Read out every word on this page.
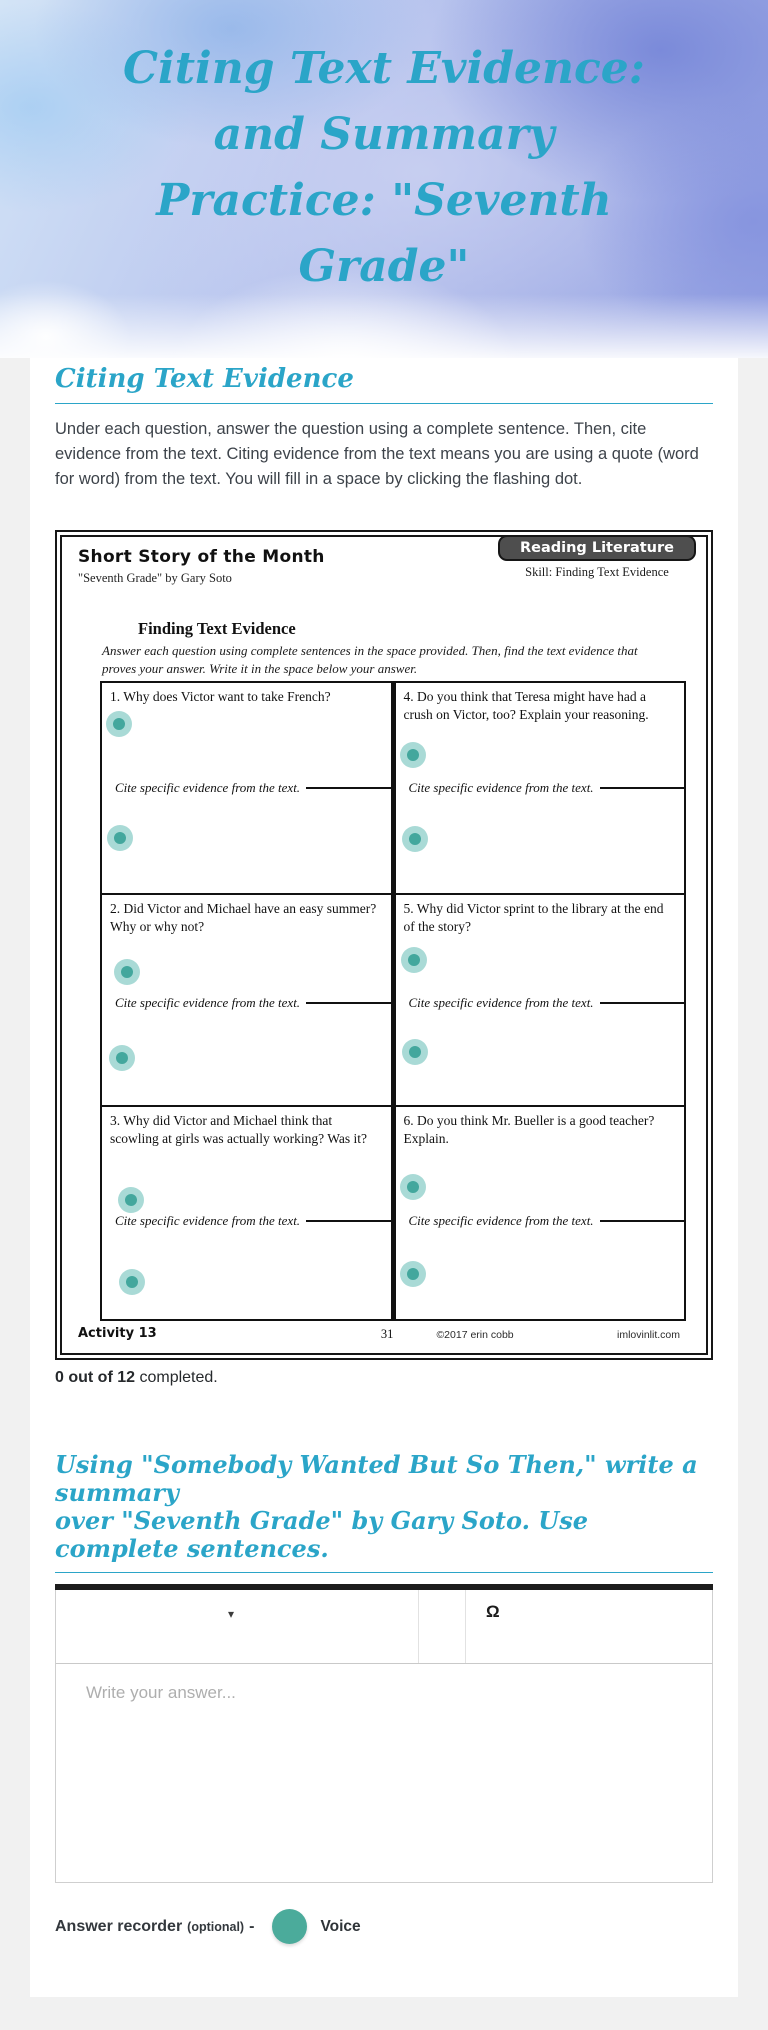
Citing Text Evidence:
and Summary
Practice: "Seventh
Grade"
Citing Text Evidence

Under each question, answer the question using a complete sentence. Then, cite evidence from the text. Citing evidence from the text means you are using a quote (word for word) from the text. You will fill in a space by clicking the flashing dot.

Short Story of the Month
"Seventh Grade" by Gary Soto
Reading Literature
Skill: Finding Text Evidence
Finding Text Evidence
Answer each question using complete sentences in the space provided. Then, find the text evidence that proves your answer. Write it in the space below your answer.

1. Why does Victor want to take French?

Cite specific evidence from the text.

4. Do you think that Teresa might have had a crush on Victor, too? Explain your reasoning.

Cite specific evidence from the text.

2. Did Victor and Michael have an easy summer? Why or why not?

Cite specific evidence from the text.

5. Why did Victor sprint to the library at the end of the story?

Cite specific evidence from the text.

3. Why did Victor and Michael think that scowling at girls was actually working? Was it?

Cite specific evidence from the text.

6. Do you think Mr. Bueller is a good teacher? Explain.

Cite specific evidence from the text.
Activity 13	31	©2017 erin cobb	imlovinlit.com

0 out of 12 completed.

Using "Somebody Wanted But So Then," write a summary
over "Seventh Grade" by Gary Soto. Use complete sentences.
▾	Ω
Write your answer...
Answer recorder (optional) -	Voice
